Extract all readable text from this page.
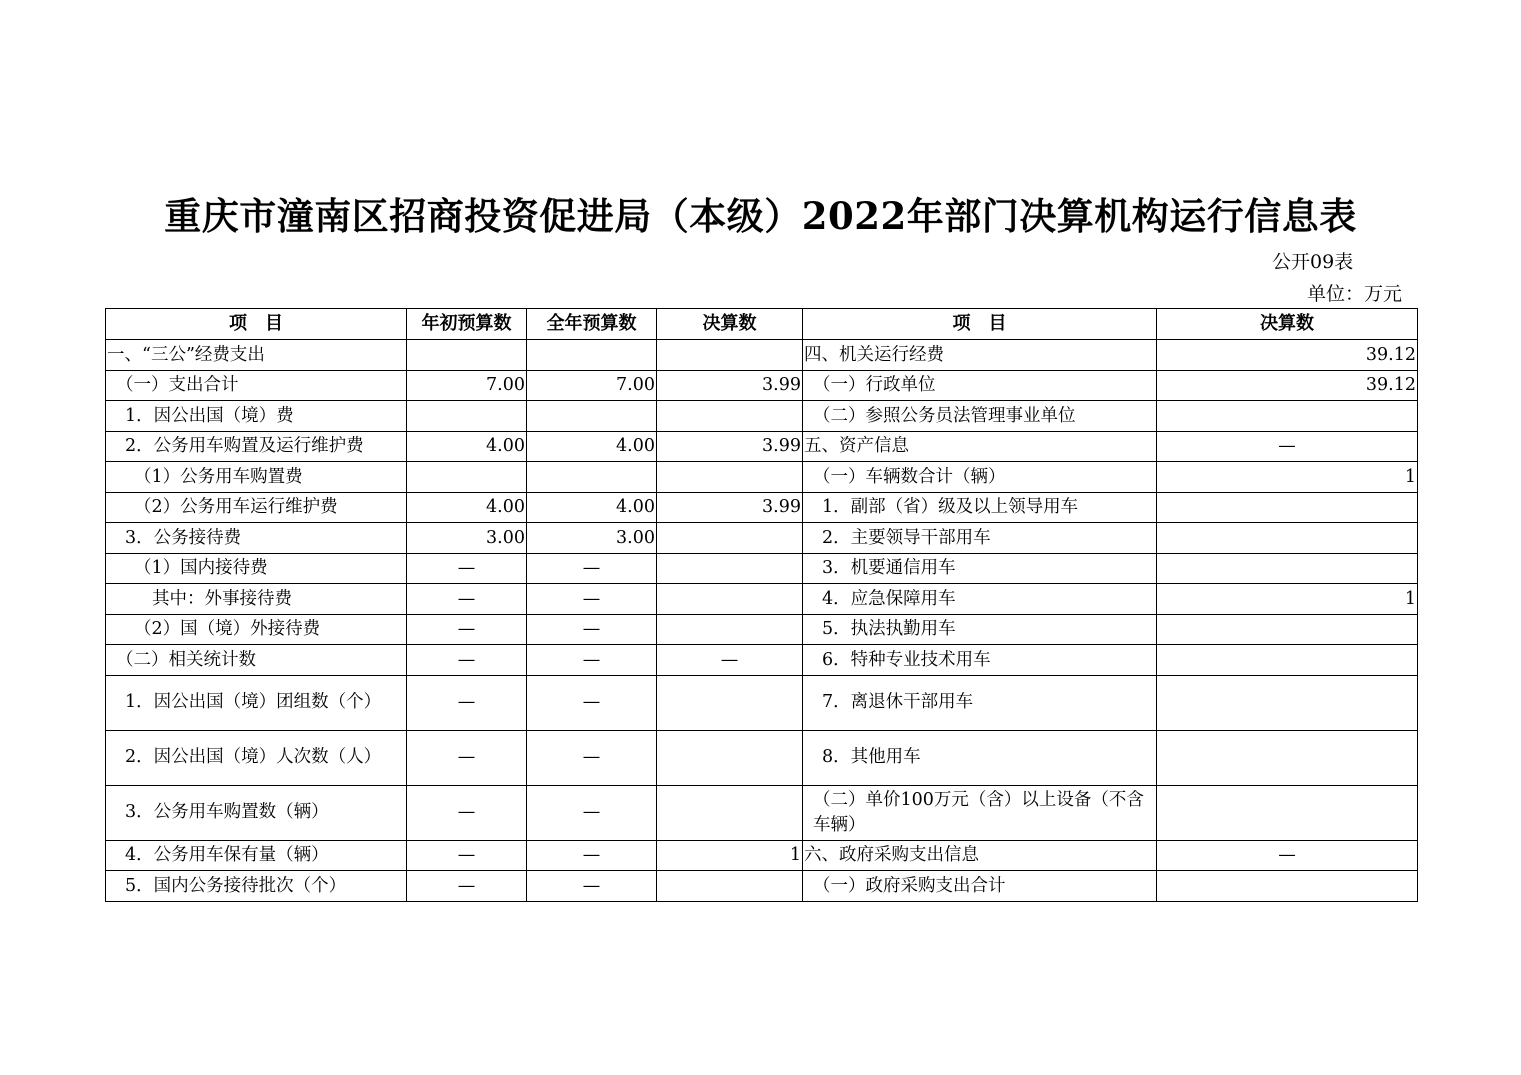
重庆市潼南区招商投资促进局（本级）2022年部门决算机构运行信息表
公开09表
单位：万元
项　目	年初预算数	全年预算数	决算数	项　目	决算数
一、“三公”经费支出				四、机关运行经费	39.12
（一）支出合计	7.00	7.00	3.99	（一）行政单位	39.12
1．因公出国（境）费				（二）参照公务员法管理事业单位	
2．公务用车购置及运行维护费	4.00	4.00	3.99	五、资产信息	—
（1）公务用车购置费				（一）车辆数合计（辆）	1
（2）公务用车运行维护费	4.00	4.00	3.99	1．副部（省）级及以上领导用车	
3．公务接待费	3.00	3.00		2．主要领导干部用车	
（1）国内接待费	—	—		3．机要通信用车	
其中：外事接待费	—	—		4．应急保障用车	1
（2）国（境）外接待费	—	—		5．执法执勤用车	
（二）相关统计数	—	—	—	6．特种专业技术用车	
1．因公出国（境）团组数（个）	—	—		7．离退休干部用车	
2．因公出国（境）人次数（人）	—	—		8．其他用车	
3．公务用车购置数（辆）	—	—		（二）单价100万元（含）以上设备（不含车辆）	
4．公务用车保有量（辆）	—	—	1	六、政府采购支出信息	—
5．国内公务接待批次（个）	—	—		（一）政府采购支出合计	
